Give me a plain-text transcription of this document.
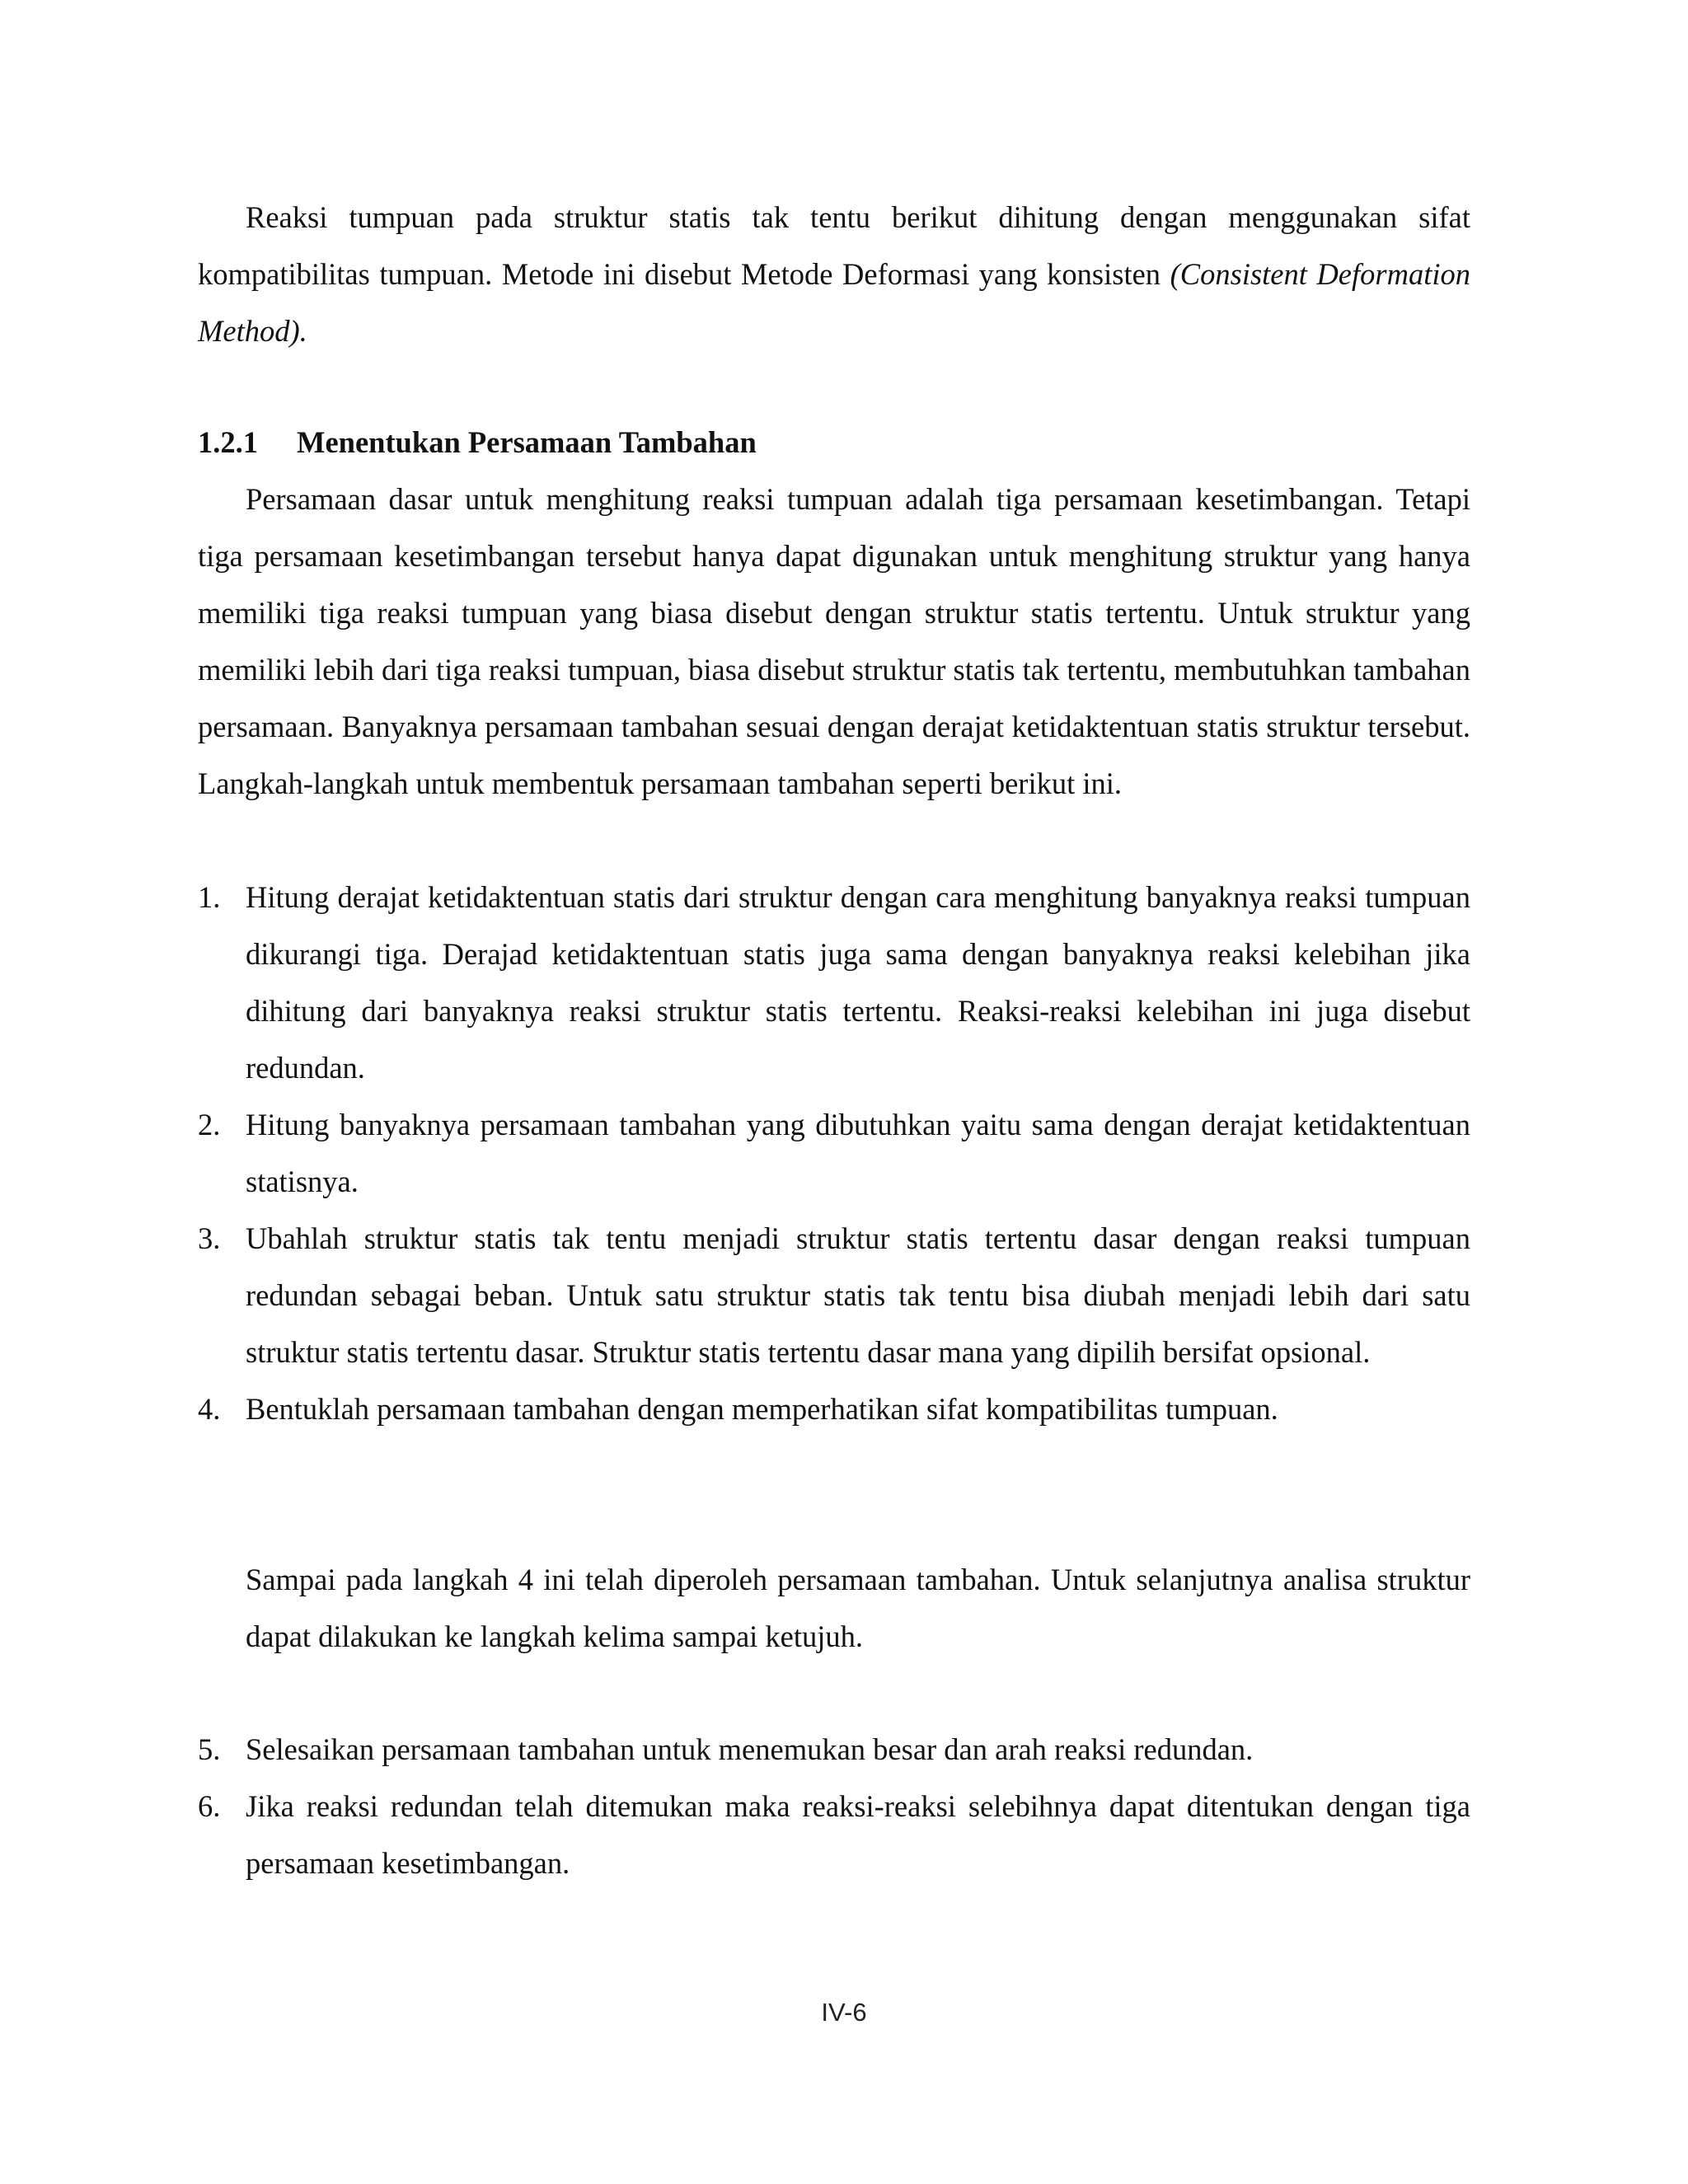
Reaksi tumpuan pada struktur statis tak tentu berikut dihitung dengan menggunakan sifat kompatibilitas tumpuan. Metode ini disebut Metode Deformasi yang konsisten (Consistent Deformation Method).

1.2.1	Menentukan Persamaan Tambahan

Persamaan dasar untuk menghitung reaksi tumpuan adalah tiga persamaan kesetimbangan. Tetapi tiga persamaan kesetimbangan tersebut hanya dapat digunakan untuk menghitung struktur yang hanya memiliki tiga reaksi tumpuan yang biasa disebut dengan struktur statis tertentu. Untuk struktur yang memiliki lebih dari tiga reaksi tumpuan, biasa disebut struktur statis tak tertentu, membutuhkan tambahan persamaan. Banyaknya persamaan tambahan sesuai dengan derajat ketidaktentuan statis struktur tersebut. Langkah-langkah untuk membentuk persamaan tambahan seperti berikut ini.

1. Hitung derajat ketidaktentuan statis dari struktur dengan cara menghitung banyaknya reaksi tumpuan dikurangi tiga. Derajad ketidaktentuan statis juga sama dengan banyaknya reaksi kelebihan jika dihitung dari banyaknya reaksi struktur statis tertentu. Reaksi-reaksi kelebihan ini juga disebut redundan.
2. Hitung banyaknya persamaan tambahan yang dibutuhkan yaitu sama dengan derajat ketidaktentuan statisnya.
3. Ubahlah struktur statis tak tentu menjadi struktur statis tertentu dasar dengan reaksi tumpuan redundan sebagai beban. Untuk satu struktur statis tak tentu bisa diubah menjadi lebih dari satu struktur statis tertentu dasar. Struktur statis tertentu dasar mana yang dipilih bersifat opsional.
4. Bentuklah persamaan tambahan dengan memperhatikan sifat kompatibilitas tumpuan.

Sampai pada langkah 4 ini telah diperoleh persamaan tambahan. Untuk selanjutnya analisa struktur dapat dilakukan ke langkah kelima sampai ketujuh.

5. Selesaikan persamaan tambahan untuk menemukan besar dan arah reaksi redundan.
6. Jika reaksi redundan telah ditemukan maka reaksi-reaksi selebihnya dapat ditentukan dengan tiga persamaan kesetimbangan.
IV-6
